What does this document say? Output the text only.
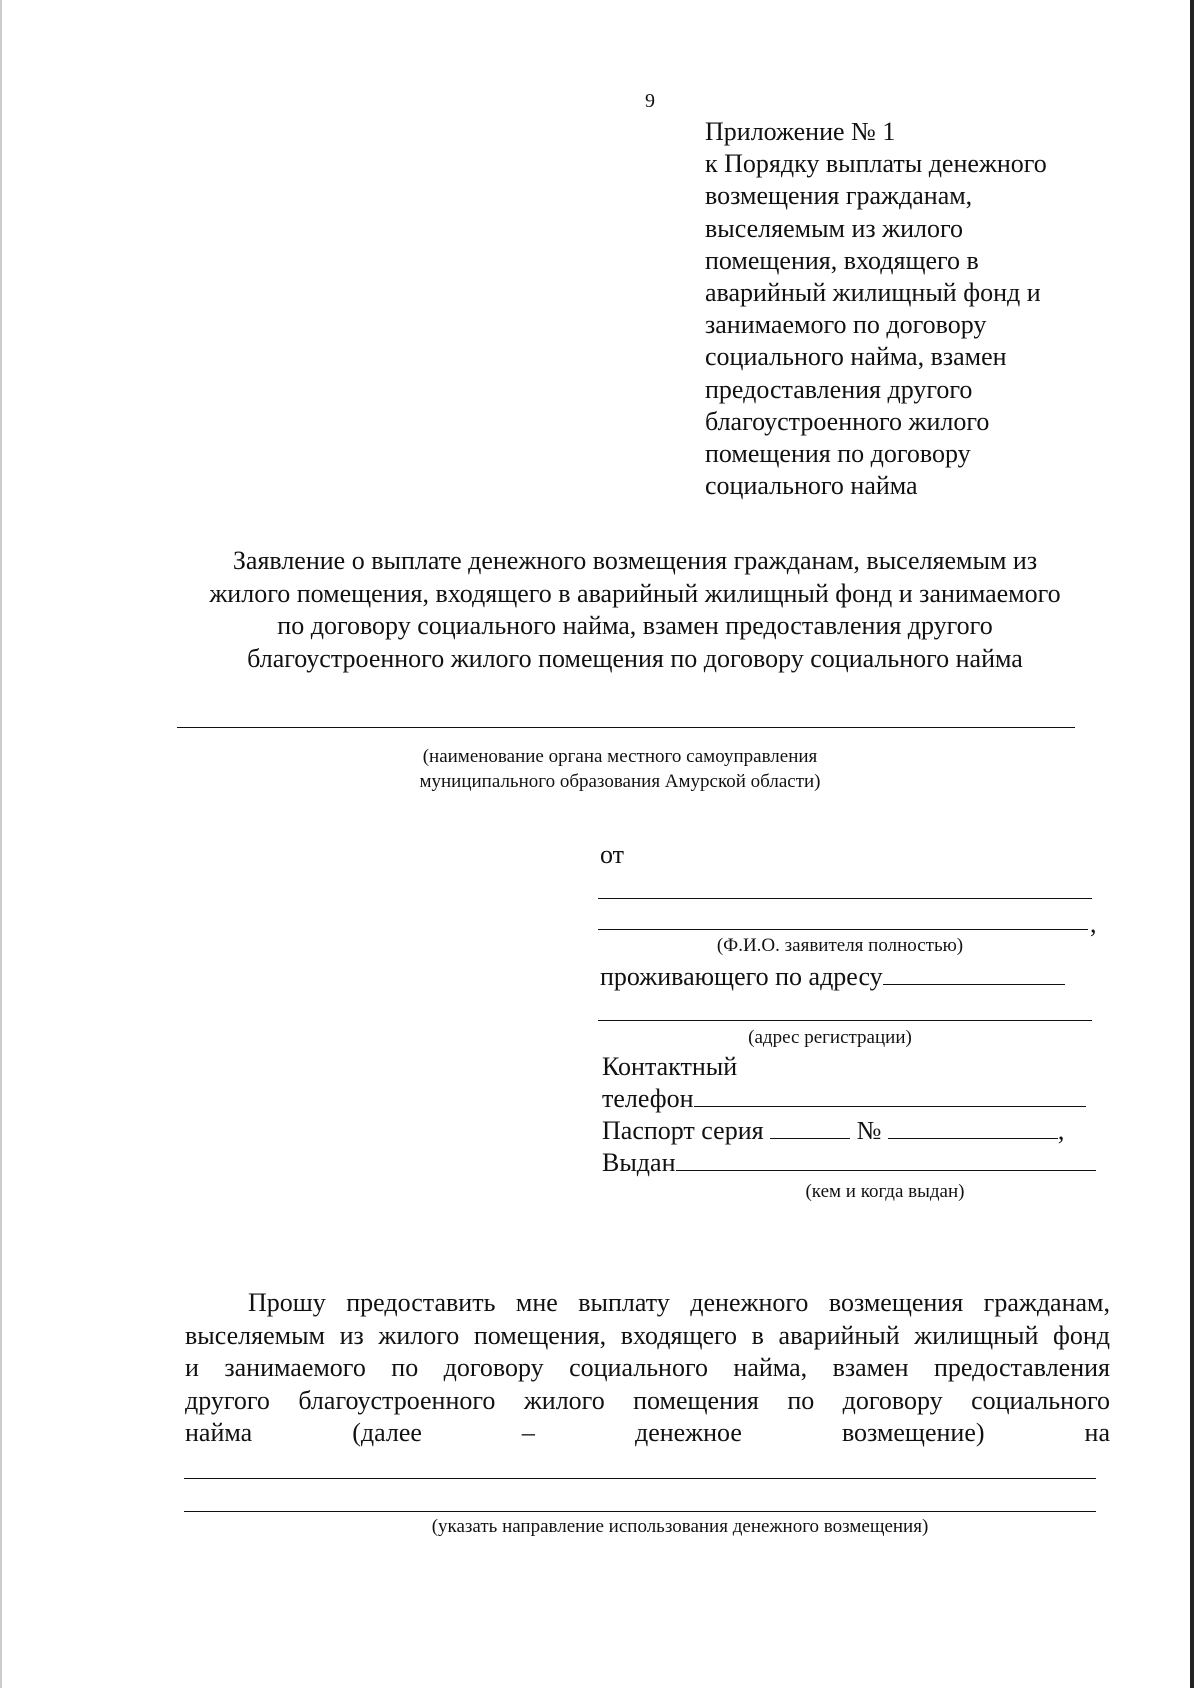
9
Приложение № 1
к Порядку выплаты денежного
возмещения гражданам,
выселяемым из жилого
помещения, входящего в
аварийный жилищный фонд и
занимаемого по договору
социального найма, взамен
предоставления другого
благоустроенного жилого
помещения по договору
социального найма
Заявление о выплате денежного возмещения гражданам, выселяемым из
жилого помещения, входящего в аварийный жилищный фонд и занимаемого
по договору социального найма, взамен предоставления другого
благоустроенного жилого помещения по договору социального найма
(наименование органа местного самоуправления
муниципального образования Амурской области)
от
,
(Ф.И.О. заявителя полностью)
проживающего по адресу
(адрес регистрации)
Контактный
телефон
Паспорт серия	№	,
Выдан
(кем и когда выдан)
Прошу предоставить мне выплату денежного возмещения гражданам,
выселяемым из жилого помещения, входящего в аварийный жилищный фонд
и занимаемого по договору социального найма, взамен предоставления
другого благоустроенного жилого помещения по договору социального
найма (далее – денежное возмещение) на
(указать направление использования денежного возмещения)
